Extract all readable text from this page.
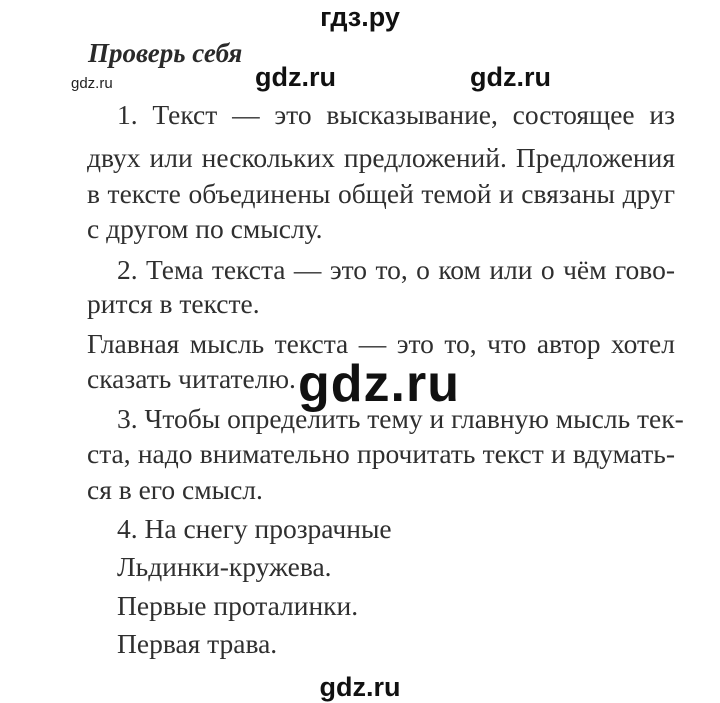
гдз.ру
gdz.ru
Проверь себя
gdz.ru	gdz.ru
1. Текст — это высказывание, состоящее из
двух или нескольких предложений. Предложения
в тексте объединены общей темой и связаны друг
с другом по смыслу.
2. Тема текста — это то, о ком или о чём гово-
рится в тексте.
Главная мысль текста — это то, что автор хотел
сказать читателю.
3. Чтобы определить тему и главную мысль тек-
ста, надо внимательно прочитать текст и вдумать-
ся в его смысл.
4. На снегу прозрачные
Льдинки-кружева.
Первые проталинки.
Первая трава.
gdz.ru
gdz.ru
